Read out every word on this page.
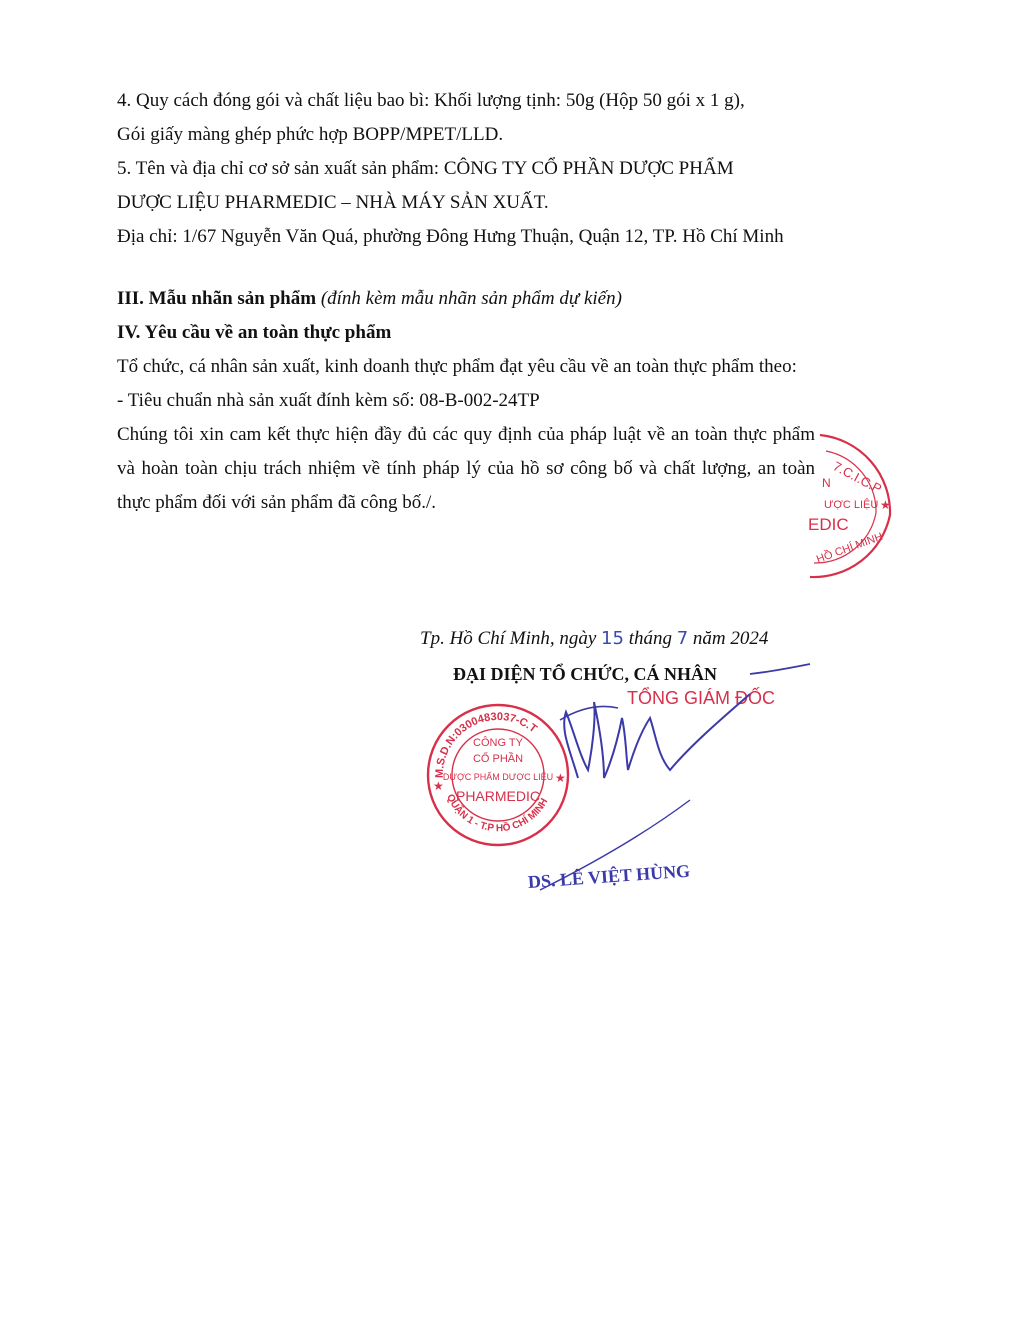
4. Quy cách đóng gói và chất liệu bao bì: Khối lượng tịnh: 50g (Hộp 50 gói x 1 g),

Gói giấy màng ghép phức hợp BOPP/MPET/LLD.

5. Tên và địa chỉ cơ sở sản xuất sản phẩm: CÔNG TY CỔ PHẦN DƯỢC PHẨM

DƯỢC LIỆU PHARMEDIC – NHÀ MÁY SẢN XUẤT.

Địa chỉ: 1/67 Nguyễn Văn Quá, phường Đông Hưng Thuận, Quận 12, TP. Hồ Chí Minh

III. Mẫu nhãn sản phẩm (đính kèm mẫu nhãn sản phẩm dự kiến)

IV. Yêu cầu về an toàn thực phẩm

Tổ chức, cá nhân sản xuất, kinh doanh thực phẩm đạt yêu cầu về an toàn thực phẩm theo:

- Tiêu chuẩn nhà sản xuất đính kèm số: 08-B-002-24TP

Chúng tôi xin cam kết thực hiện đầy đủ các quy định của pháp luật về an toàn thực phẩm và hoàn toàn chịu trách nhiệm về tính pháp lý của hồ sơ công bố và chất lượng, an toàn thực phẩm đối với sản phẩm đã công bố./.

7.C.I.C.P
N
ƯỢC LIỆU
EDIC
HỒ CHÍ MINH
★
Tp. Hồ Chí Minh, ngày 15 tháng 7 năm 2024
ĐẠI DIỆN TỔ CHỨC, CÁ NHÂN
TỔNG GIÁM ĐỐC
M.S.D.N:0300483037-C.T
QUẬN 1 - T.P HỒ CHÍ MINH
CÔNG TY
CỔ PHẦN
DƯỢC PHẨM DƯỢC LIỆU
PHARMEDIC
★
★
DS. LÊ VIỆT HÙNG
